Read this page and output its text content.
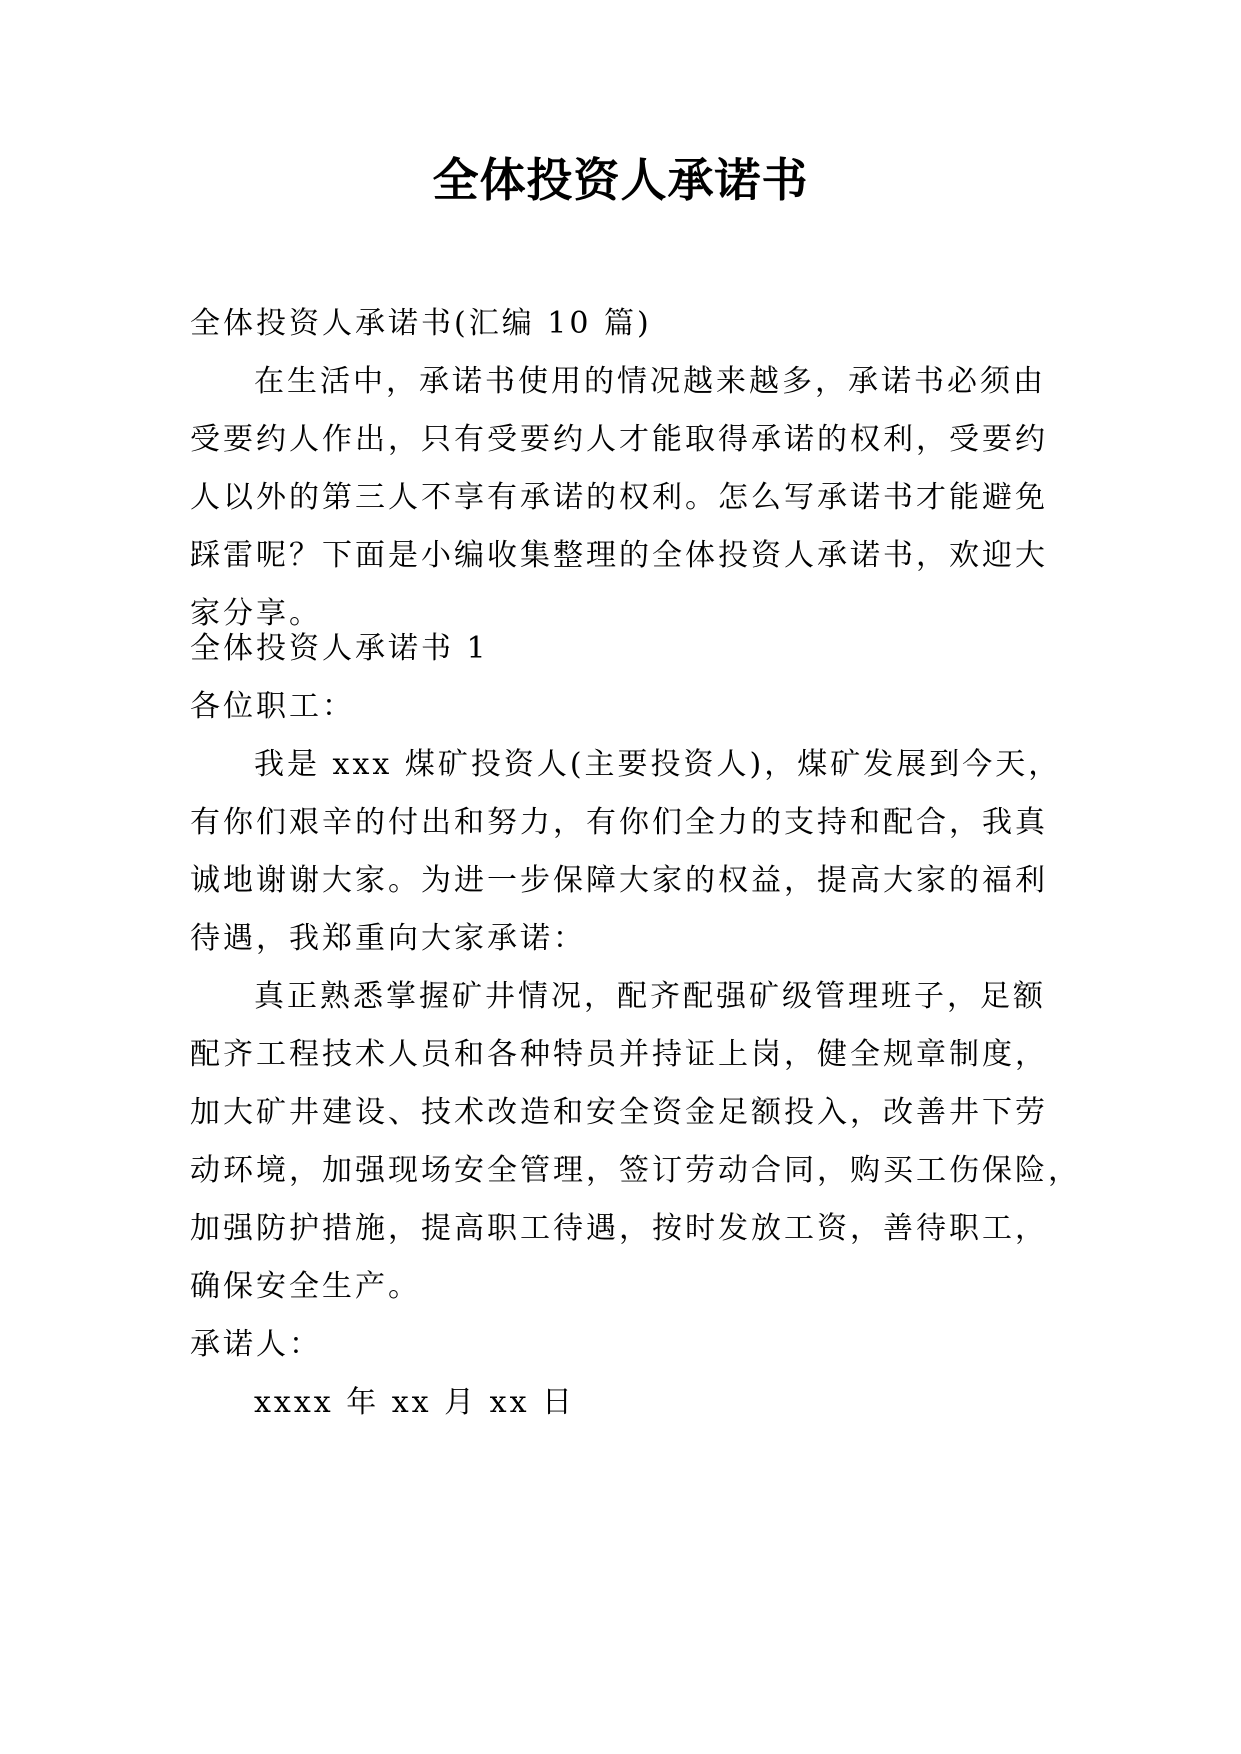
全体投资人承诺书
全体投资人承诺书(汇编 10 篇)
在生活中，承诺书使用的情况越来越多，承诺书必须由
受要约人作出，只有受要约人才能取得承诺的权利，受要约
人以外的第三人不享有承诺的权利。怎么写承诺书才能避免
踩雷呢？下面是小编收集整理的全体投资人承诺书，欢迎大
家分享。
全体投资人承诺书 1
各位职工：
我是 xxx 煤矿投资人(主要投资人)，煤矿发展到今天，
有你们艰辛的付出和努力，有你们全力的支持和配合，我真
诚地谢谢大家。为进一步保障大家的权益，提高大家的福利
待遇，我郑重向大家承诺：
真正熟悉掌握矿井情况，配齐配强矿级管理班子，足额
配齐工程技术人员和各种特员并持证上岗，健全规章制度，
加大矿井建设、技术改造和安全资金足额投入，改善井下劳
动环境，加强现场安全管理，签订劳动合同，购买工伤保险，
加强防护措施，提高职工待遇，按时发放工资，善待职工，
确保安全生产。
承诺人：
xxxx 年 xx 月 xx 日
